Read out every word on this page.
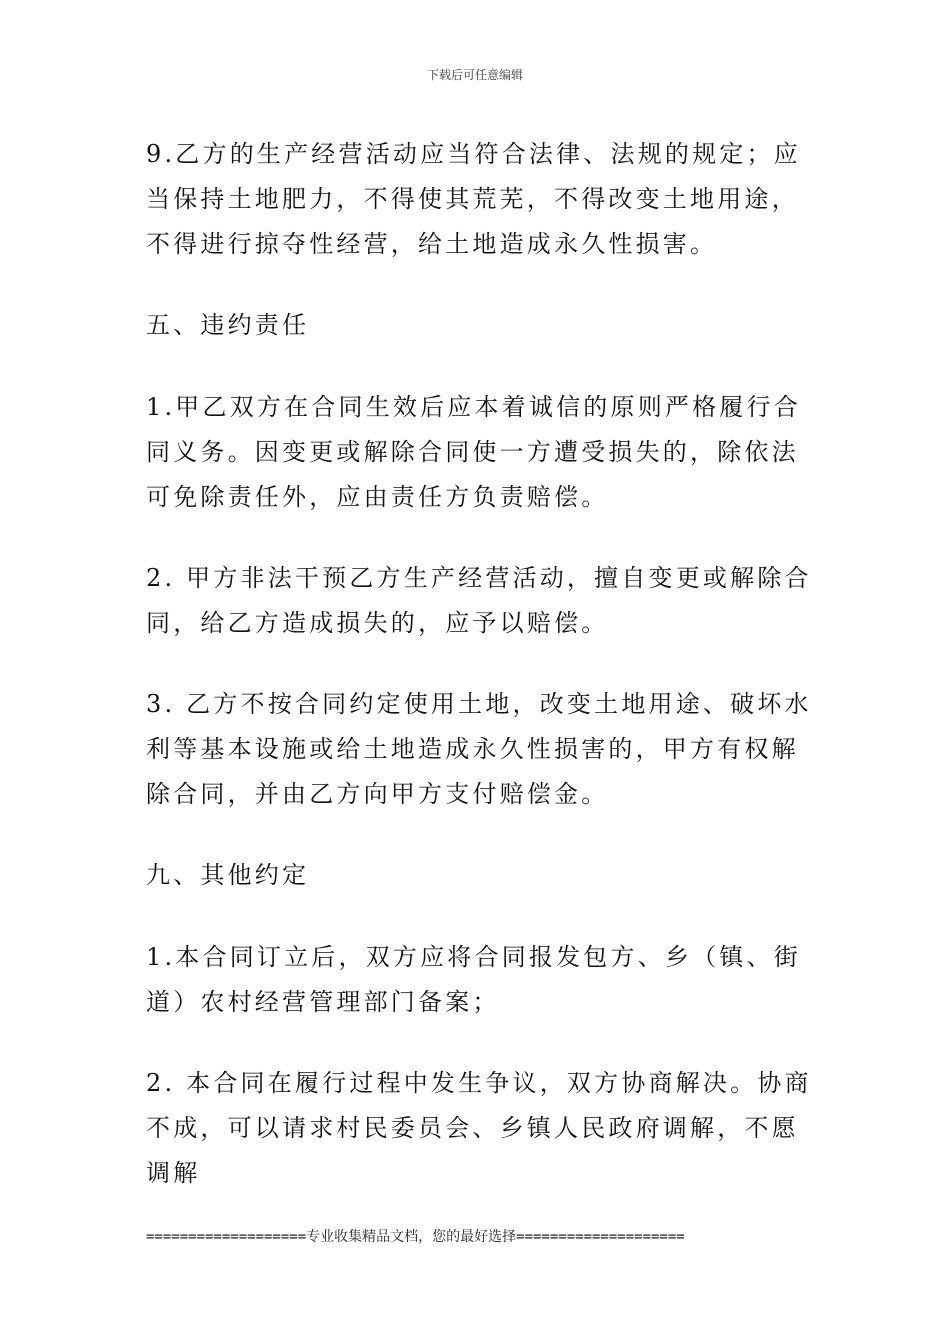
下载后可任意编辑

9.乙方的生产经营活动应当符合法律、法规的规定；应当保持土地肥力，不得使其荒芜，不得改变土地用途，不得进行掠夺性经营，给土地造成永久性损害。

五、违约责任

1.甲乙双方在合同生效后应本着诚信的原则严格履行合同义务。因变更或解除合同使一方遭受损失的，除依法可免除责任外，应由责任方负责赔偿。

2. 甲方非法干预乙方生产经营活动，擅自变更或解除合同，给乙方造成损失的，应予以赔偿。

3. 乙方不按合同约定使用土地，改变土地用途、破坏水利等基本设施或给土地造成永久性损害的，甲方有权解除合同，并由乙方向甲方支付赔偿金。

九、其他约定

1.本合同订立后，双方应将合同报发包方、乡（镇、街道）农村经营管理部门备案；

2. 本合同在履行过程中发生争议，双方协商解决。协商不成，可以请求村民委员会、乡镇人民政府调解，不愿调解

===================专业收集精品文档，您的最好选择====================
